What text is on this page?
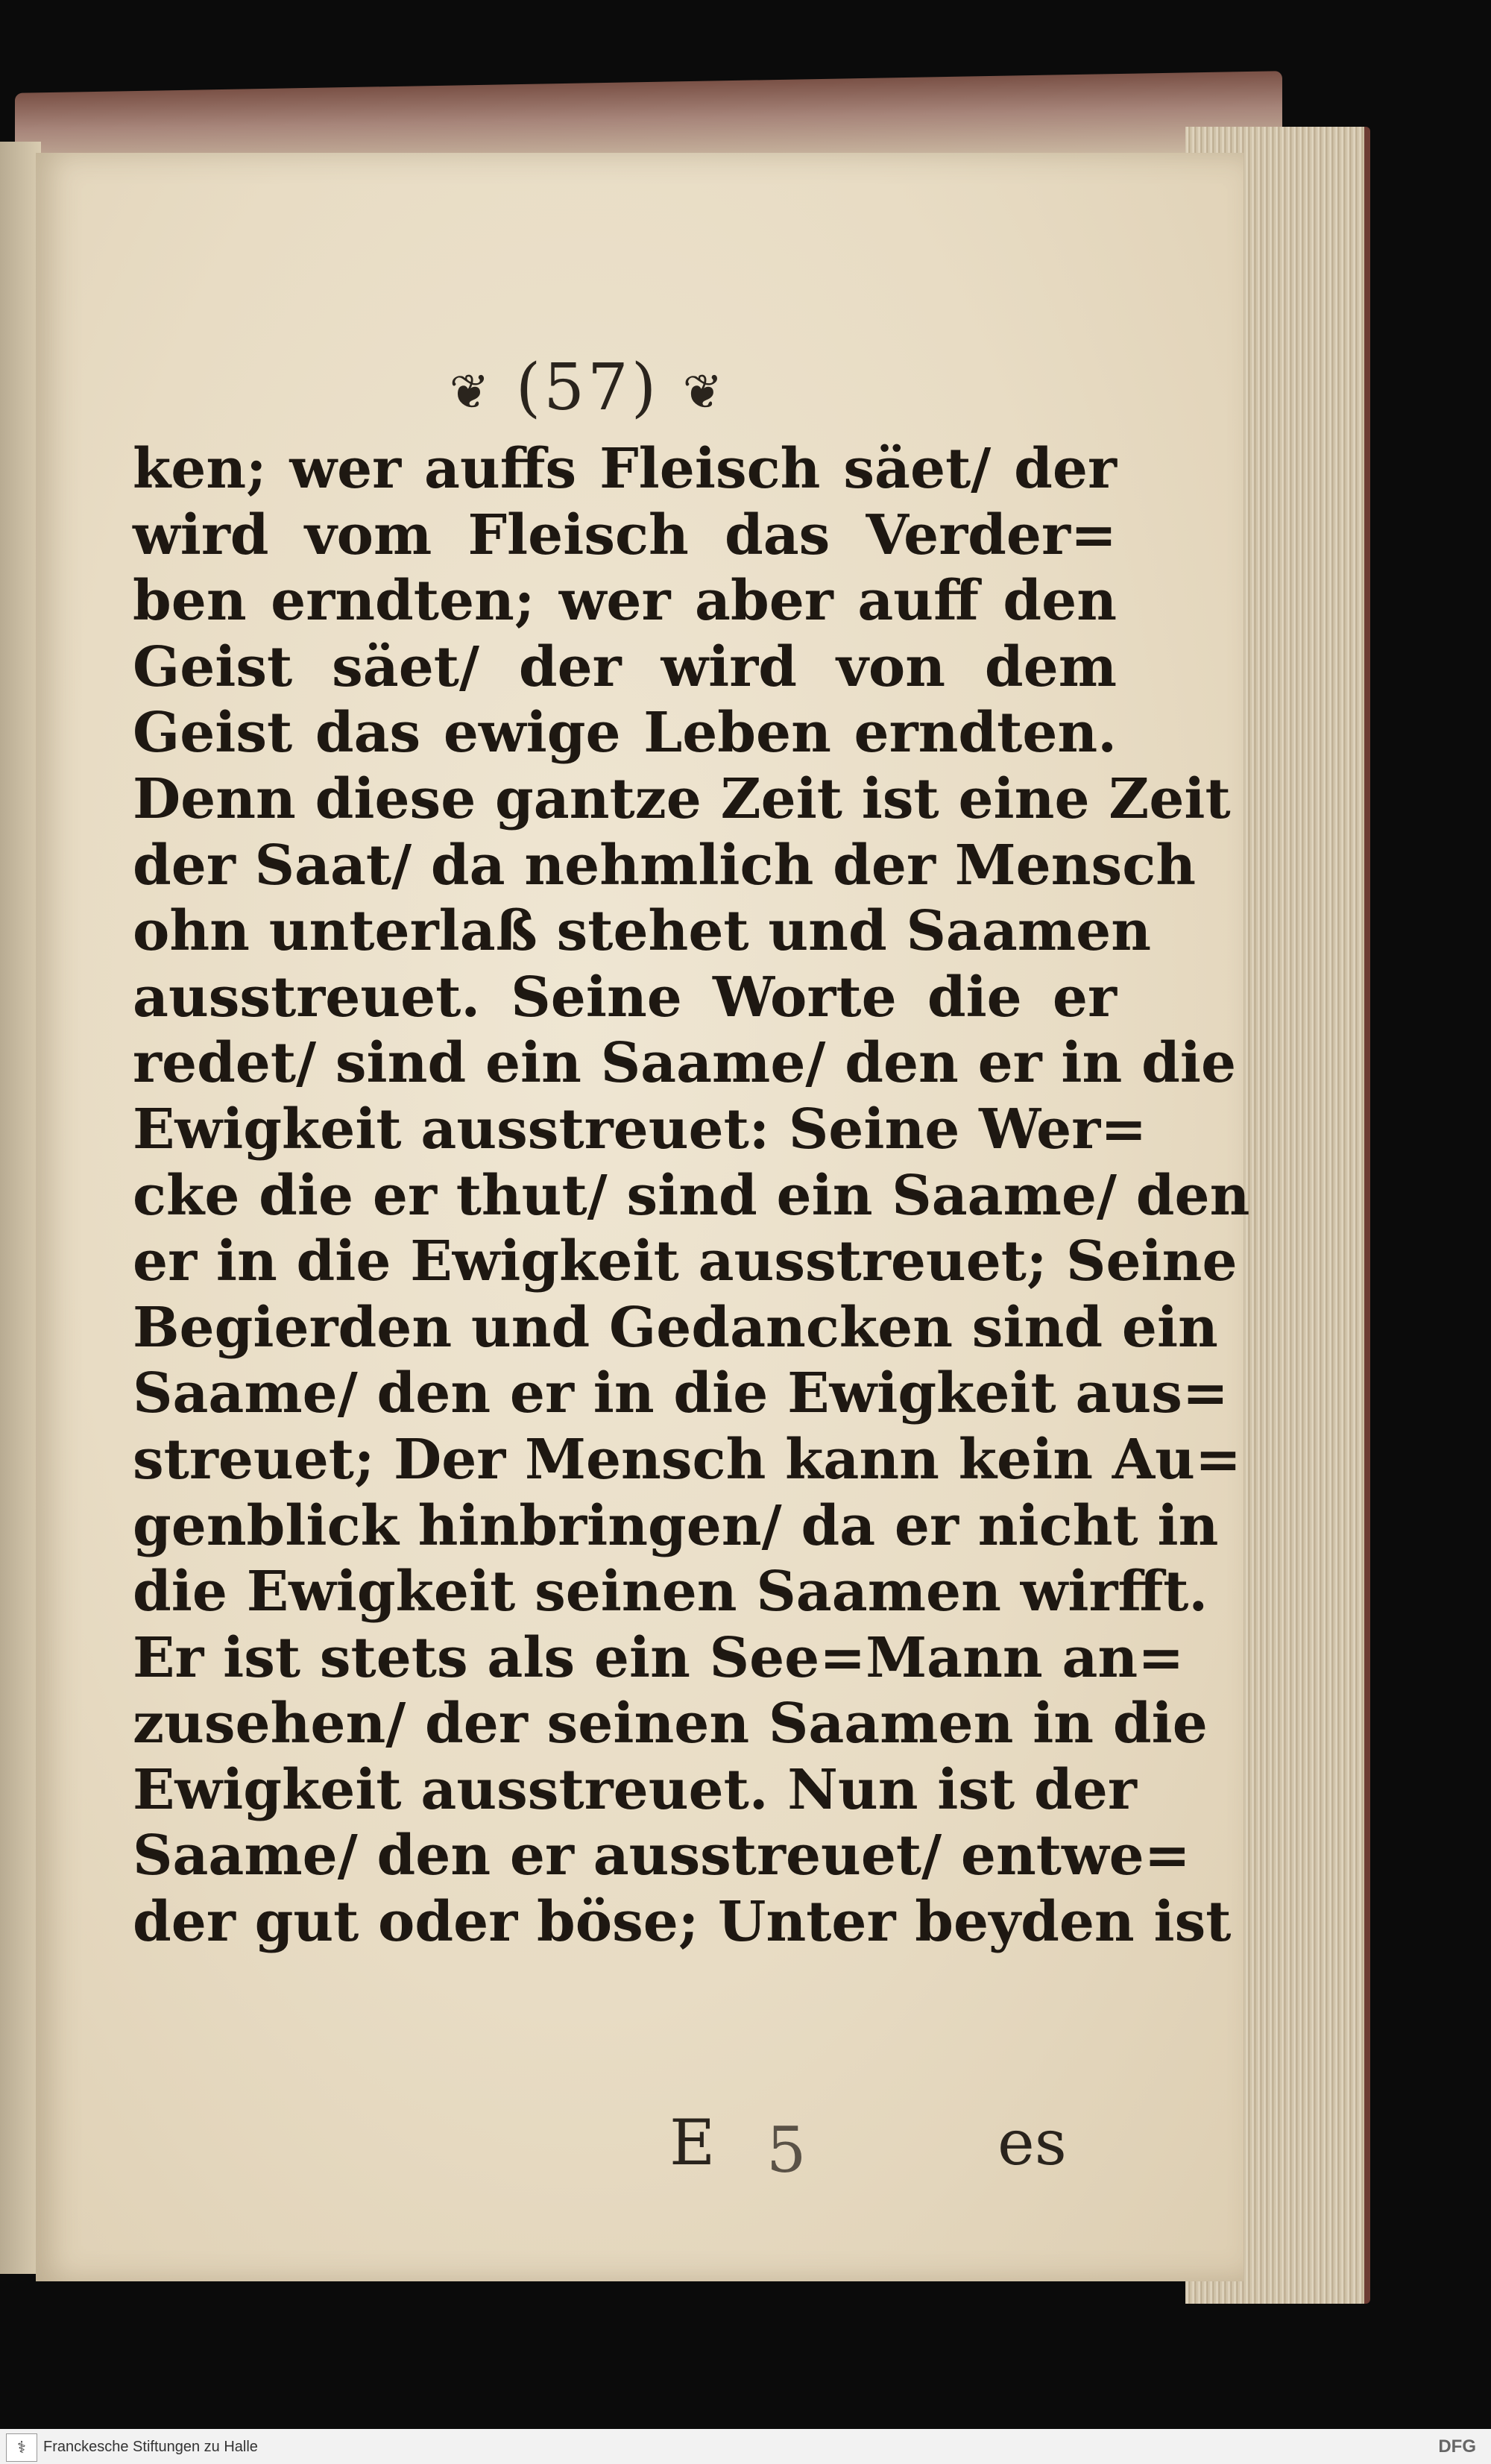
❦ (57) ❦
ken; wer auffs Fleisch säet/ der
wird vom Fleisch das Verder=
ben erndten; wer aber auff den
Geist säet/ der wird von dem
Geist das ewige Leben erndten.
Denn diese gantze Zeit ist eine Zeit
der Saat/ da nehmlich der Mensch
ohn unterlaß stehet und Saamen
ausstreuet. Seine Worte die er
redet/ sind ein Saame/ den er in die
Ewigkeit ausstreuet: Seine Wer=
cke die er thut/ sind ein Saame/ den
er in die Ewigkeit ausstreuet; Seine
Begierden und Gedancken sind ein
Saame/ den er in die Ewigkeit aus=
streuet; Der Mensch kann kein Au=
genblick hinbringen/ da er nicht in
die Ewigkeit seinen Saamen wirfft.
Er ist stets als ein See=Mann an=
zusehen/ der seinen Saamen in die
Ewigkeit ausstreuet. Nun ist der
Saame/ den er ausstreuet/ entwe=
der gut oder böse; Unter beyden ist
E 5	es
⚕	Franckesche Stiftungen zu Halle	DFG
